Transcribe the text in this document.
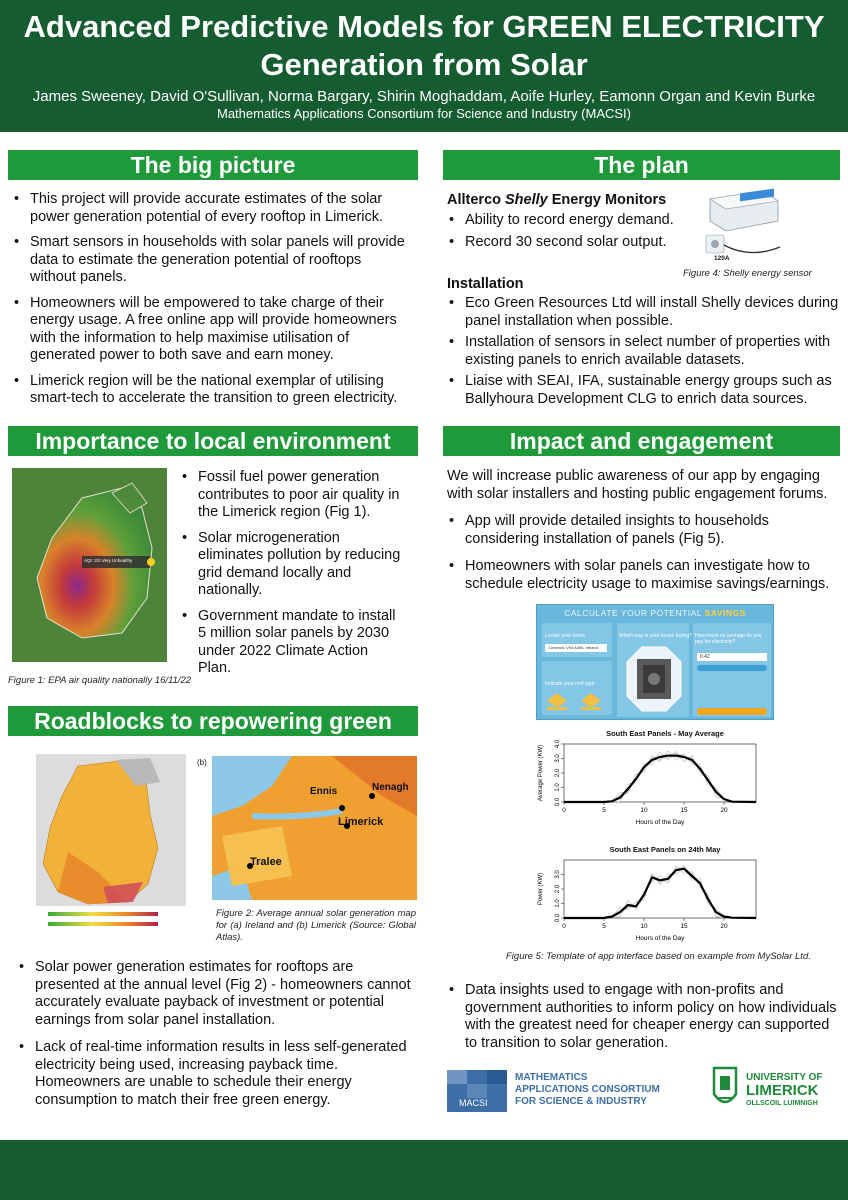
Advanced Predictive Models for GREEN ELECTRICITY
Generation from Solar
James Sweeney, David O'Sullivan, Norma Bargary, Shirin Moghaddam, Aoife Hurley, Eamonn Organ and Kevin Burke
Mathematics Applications Consortium for Science and Industry (MACSI)
The big picture
• This project will provide accurate estimates of the solar power generation potential of every rooftop in Limerick.
• Smart sensors in households with solar panels will provide data to estimate the generation potential of rooftops without panels.
• Homeowners will be empowered to take charge of their energy usage. A free online app will provide homeowners with the information to help maximise utilisation of generated power to both save and earn money.
• Limerick region will be the national exemplar of utilising smart-tech to accelerate the transition to green electricity.
Importance to local environment
AQI: 2/2 Very Unhealthy
• Fossil fuel power generation contributes to poor air quality in the Limerick region (Fig 1).
• Solar microgeneration eliminates pollution by reducing grid demand locally and nationally.
• Government mandate to install 5 million solar panels by 2030 under 2022 Climate Action Plan.
Figure 1: EPA air quality nationally 16/11/22
Roadblocks to repowering green
(b)
Ennis	Nenagh
Limerick
Tralee
Figure 2: Average annual solar generation map for (a) Ireland and (b) Limerick (Source: Global Atlas).
• Solar power generation estimates for rooftops are presented at the annual level (Fig 2) - homeowners cannot accurately evaluate payback of investment or potential earnings from solar panel installation.
• Lack of real-time information results in less self-generated electricity being used, increasing payback time. Homeowners are unable to schedule their energy consumption to match their free green energy.
The plan
Allterco Shelly Energy Monitors
• Ability to record energy demand.
• Record 30 second solar output.
120A
Figure 4: Shelly energy sensor
Installation
• Eco Green Resources Ltd will install Shelly devices during panel installation when possible.
• Installation of sensors in select number of properties with existing panels to enrich available datasets.
• Liaise with SEAI, IFA, sustainable energy groups such as Ballyhoura Development CLG to enrich data sources.
Impact and engagement
We will increase public awareness of our app by engaging with solar installers and hosting public engagement forums.
• App will provide detailed insights to households considering installation of panels (Fig 5).
• Homeowners with solar panels can investigate how to schedule electricity usage to maximise savings/earnings.
CALCULATE YOUR POTENTIAL SAVINGS
Locate your home
Limerick, V94 A456, Ireland
Indicate your roof type
Which way is your house facing? How much on average do you pay for electricity?
0.42
South East Panels - May Average
0	5	10	15	20
0.0
1.0
2.0
3.0
4.0
Hours of the Day
Average Power (KW)
South East Panels on 24th May
0	5	10	15	20
0.0
1.0
2.0
3.0
Hours of the Day
Power (KW)
Figure 5: Template of app interface based on example from MySolar Ltd.
• Data insights used to engage with non-profits and government authorities to inform policy on how individuals with the greatest need for cheaper energy can supported to transition to solar generation.
MACSI
MATHEMATICS
APPLICATIONS CONSORTIUM
FOR SCIENCE & INDUSTRY
UNIVERSITY OF
LIMERICK
OLLSCOIL LUIMNIGH
